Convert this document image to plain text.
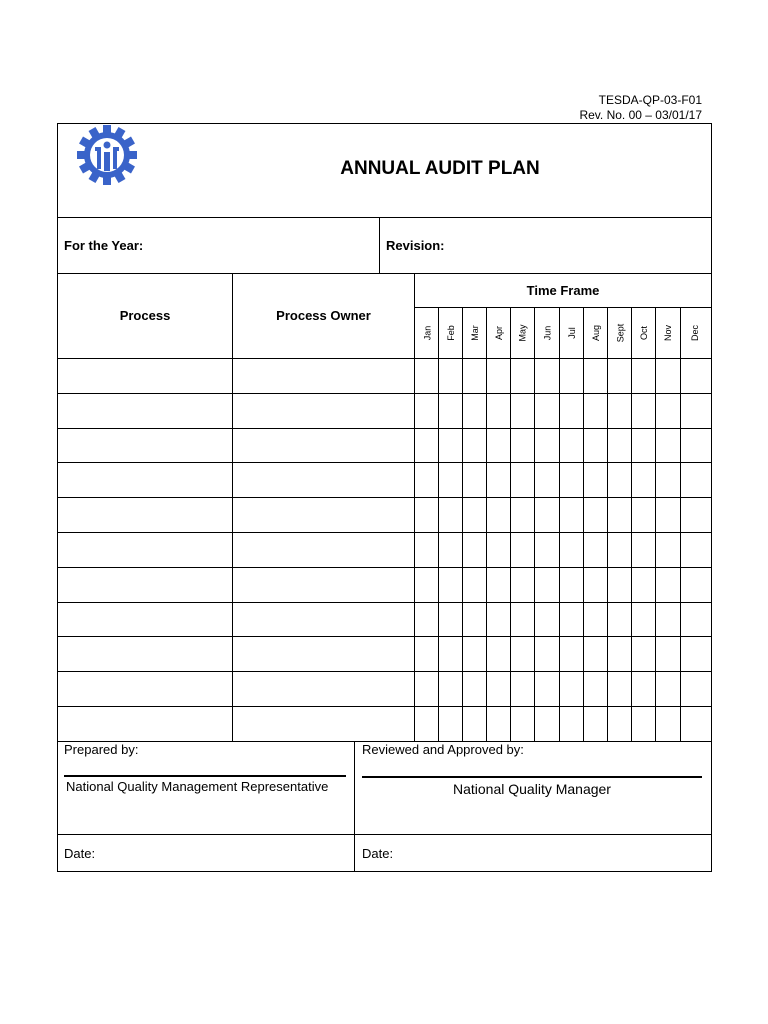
TESDA-QP-03-F01
Rev. No. 00 – 03/01/17
ANNUAL AUDIT PLAN
For the Year:	Revision:
Process	Process Owner
Time Frame
Jan Feb Mar Apr May Jun Jul Aug Sept Oct Nov Dec
Prepared by:
National Quality Management Representative
Reviewed and Approved by:
National Quality Manager
Date:	Date:
